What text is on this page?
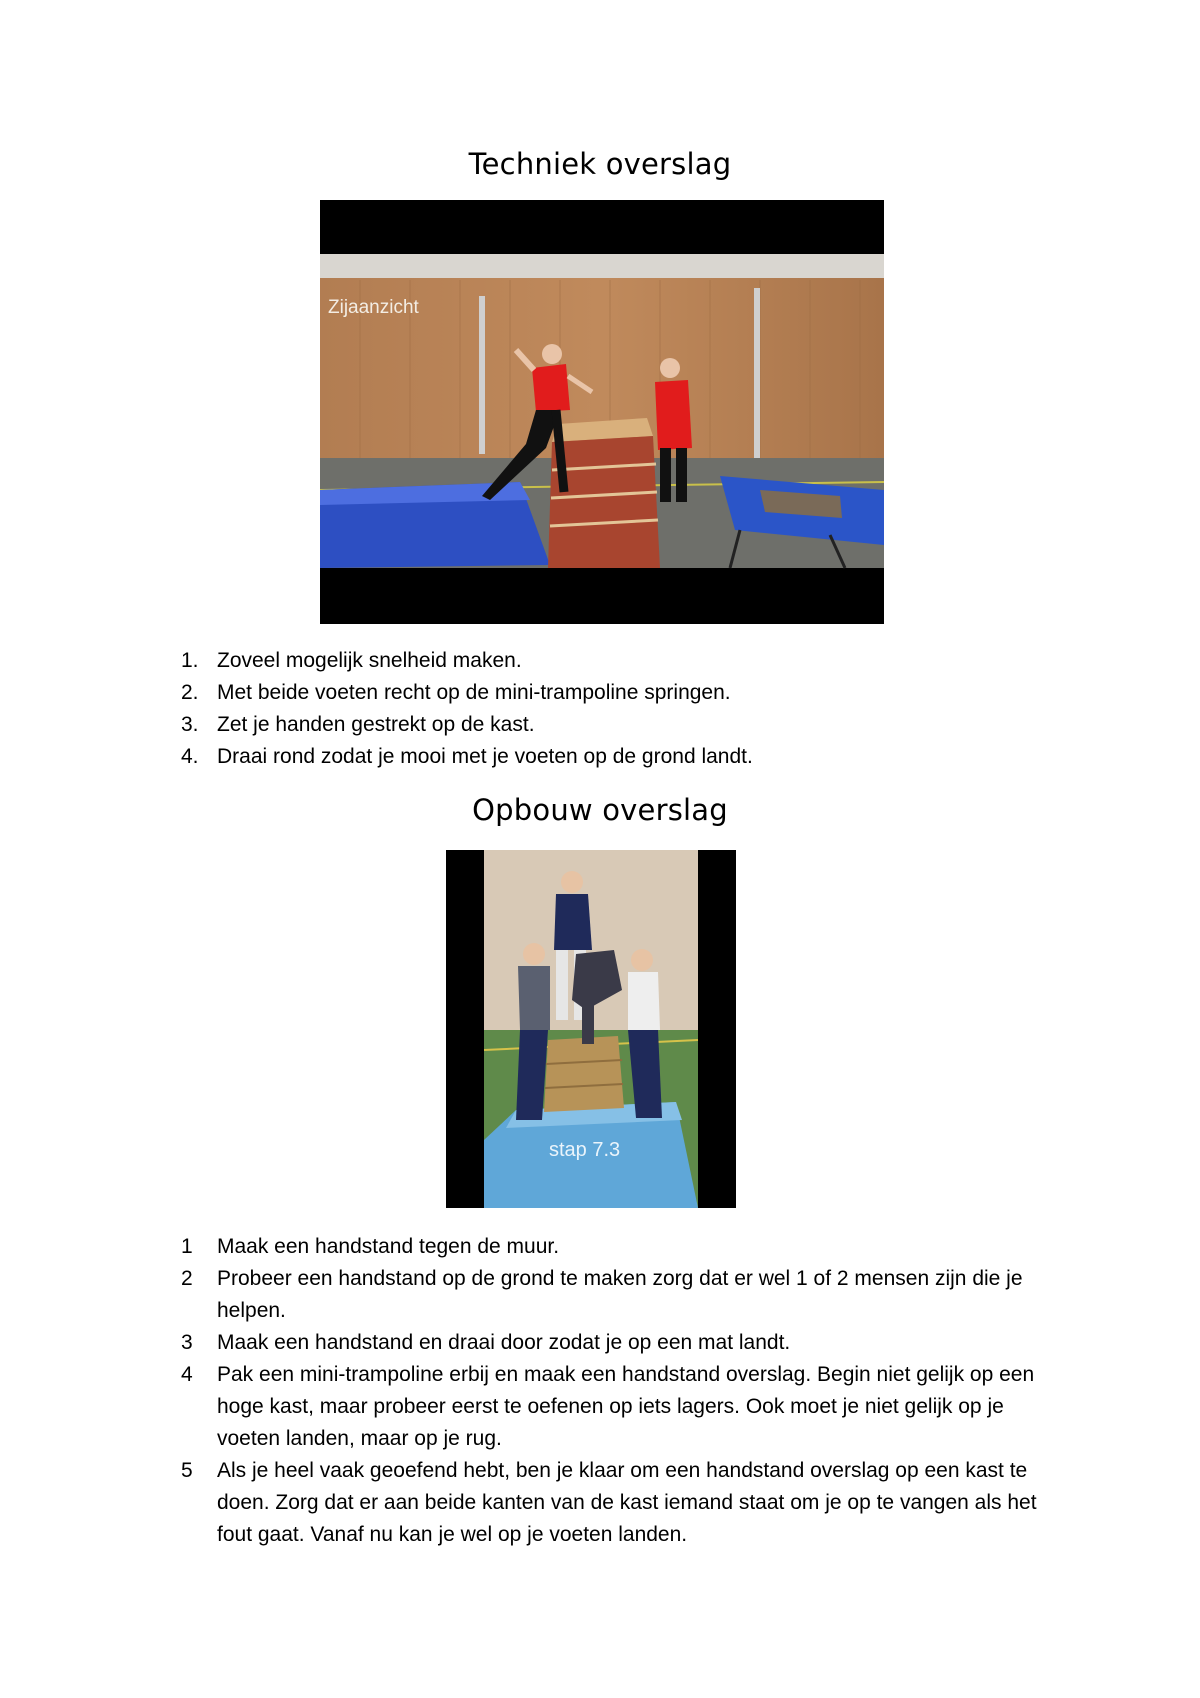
Techniek overslag
Zijaanzicht
1. Zoveel mogelijk snelheid maken.
2. Met beide voeten recht op de mini-trampoline springen.
3. Zet je handen gestrekt op de kast.
4. Draai rond zodat je mooi met je voeten op de grond landt.
Opbouw overslag
stap 7.3
1 Maak een handstand tegen de muur.
2 Probeer een handstand op de grond te maken zorg dat er wel 1 of 2 mensen zijn die je helpen.
3 Maak een handstand en draai door zodat je op een mat landt.
4 Pak een mini-trampoline erbij en maak een handstand overslag. Begin niet gelijk op een hoge kast, maar probeer eerst te oefenen op iets lagers. Ook moet je niet gelijk op je voeten landen, maar op je rug.
5 Als je heel vaak geoefend hebt, ben je klaar om een handstand overslag op een kast te doen. Zorg dat er aan beide kanten van de kast iemand staat om je op te vangen als het fout gaat. Vanaf nu kan je wel op je voeten landen.
